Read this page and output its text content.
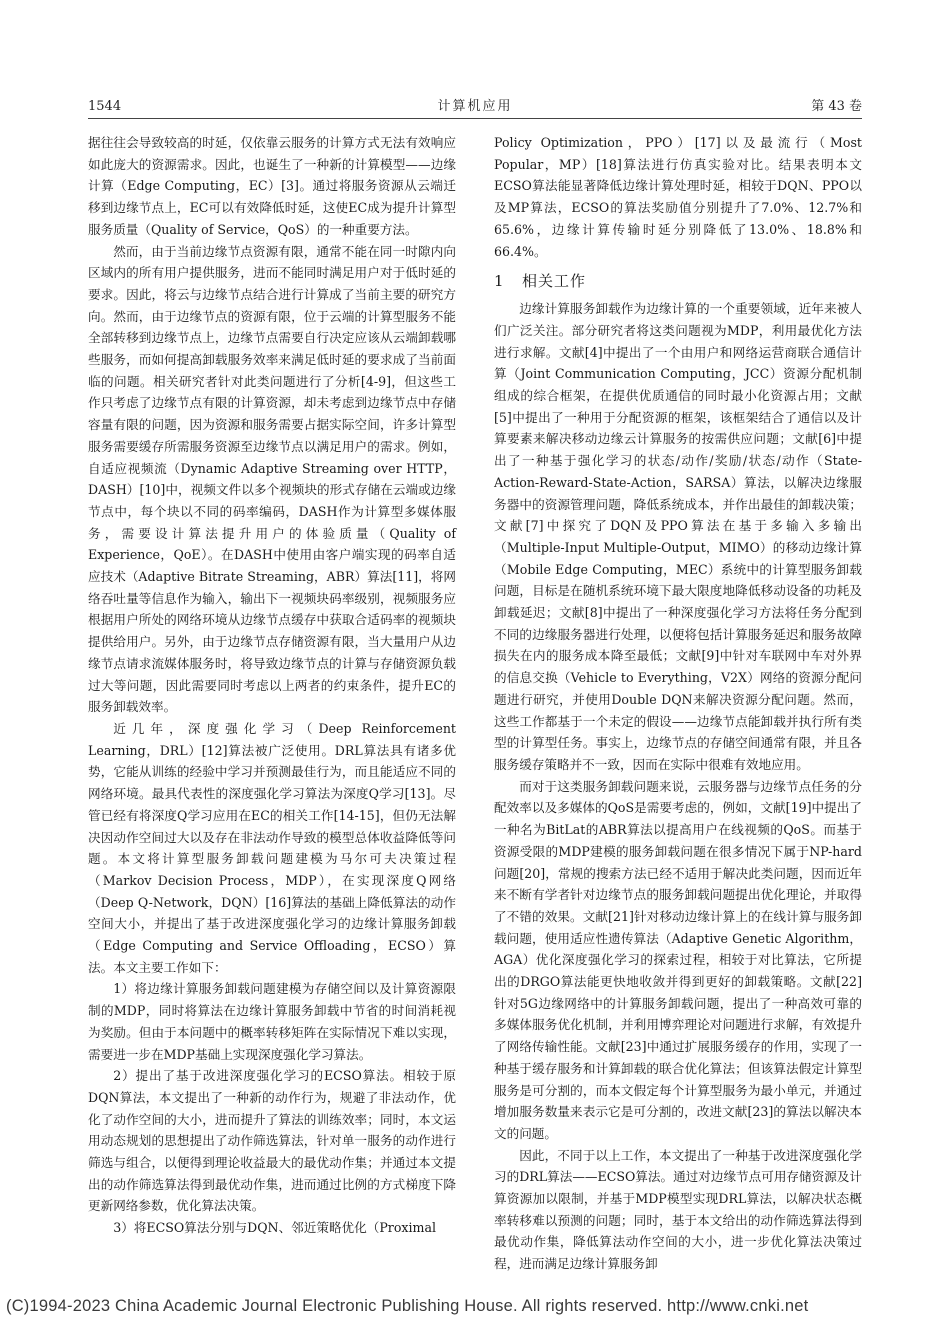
1544	计算机应用	第 43 卷

据往往会导致较高的时延，仅依靠云服务的计算方式无法有效响应如此庞大的资源需求。因此，也诞生了一种新的计算模型——边缘计算（Edge Computing，EC）[3]。通过将服务资源从云端迁移到边缘节点上，EC可以有效降低时延，这使EC成为提升计算型服务质量（Quality of Service，QoS）的一种重要方法。

然而，由于当前边缘节点资源有限，通常不能在同一时隙内向区域内的所有用户提供服务，进而不能同时满足用户对于低时延的要求。因此，将云与边缘节点结合进行计算成了当前主要的研究方向。然而，由于边缘节点的资源有限，位于云端的计算型服务不能全部转移到边缘节点上，边缘节点需要自行决定应该从云端卸载哪些服务，而如何提高卸载服务效率来满足低时延的要求成了当前面临的问题。相关研究者针对此类问题进行了分析[4-9]，但这些工作只考虑了边缘节点有限的计算资源，却未考虑到边缘节点中存储容量有限的问题，因为资源和服务需要占据实际空间，许多计算型服务需要缓存所需服务资源至边缘节点以满足用户的需求。例如，自适应视频流（Dynamic Adaptive Streaming over HTTP，DASH）[10]中，视频文件以多个视频块的形式存储在云端或边缘节点中，每个块以不同的码率编码，DASH作为计算型多媒体服务，需要设计算法提升用户的体验质量（Quality of Experience，QoE）。在DASH中使用由客户端实现的码率自适应技术（Adaptive Bitrate Streaming，ABR）算法[11]，将网络吞吐量等信息作为输入，输出下一视频块码率级别，视频服务应根据用户所处的网络环境从边缘节点缓存中获取合适码率的视频块提供给用户。另外，由于边缘节点存储资源有限，当大量用户从边缘节点请求流媒体服务时，将导致边缘节点的计算与存储资源负载过大等问题，因此需要同时考虑以上两者的约束条件，提升EC的服务卸载效率。

近几年，深度强化学习（Deep Reinforcement Learning，DRL）[12]算法被广泛使用。DRL算法具有诸多优势，它能从训练的经验中学习并预测最佳行为，而且能适应不同的网络环境。最具代表性的深度强化学习算法为深度Q学习[13]。尽管已经有将深度Q学习应用在EC的相关工作[14-15]，但仍无法解决因动作空间过大以及存在非法动作导致的模型总体收益降低等问题。本文将计算型服务卸载问题建模为马尔可夫决策过程（Markov Decision Process，MDP），在实现深度Q网络（Deep Q-Network，DQN）[16]算法的基础上降低算法的动作空间大小，并提出了基于改进深度强化学习的边缘计算服务卸载（Edge Computing and Service Offloading，ECSO）算法。本文主要工作如下：

1）将边缘计算服务卸载问题建模为存储空间以及计算资源限制的MDP，同时将算法在边缘计算服务卸载中节省的时间消耗视为奖励。但由于本问题中的概率转移矩阵在实际情况下难以实现，需要进一步在MDP基础上实现深度强化学习算法。

2）提出了基于改进深度强化学习的ECSO算法。相较于原DQN算法，本文提出了一种新的动作行为，规避了非法动作，优化了动作空间的大小，进而提升了算法的训练效率；同时，本文运用动态规划的思想提出了动作筛选算法，针对单一服务的动作进行筛选与组合，以便得到理论收益最大的最优动作集；并通过本文提出的动作筛选算法得到最优动作集，进而通过比例的方式梯度下降更新网络参数，优化算法决策。

3）将ECSO算法分别与DQN、邻近策略优化（Proximal

Policy Optimization，PPO）[17]以及最流行（Most Popular，MP）[18]算法进行仿真实验对比。结果表明本文ECSO算法能显著降低边缘计算处理时延，相较于DQN、PPO以及MP算法，ECSO的算法奖励值分别提升了7.0%、12.7%和65.6%，边缘计算传输时延分别降低了13.0%、18.8%和66.4%。

1 相关工作

边缘计算服务卸载作为边缘计算的一个重要领域，近年来被人们广泛关注。部分研究者将这类问题视为MDP，利用最优化方法进行求解。文献[4]中提出了一个由用户和网络运营商联合通信计算（Joint Communication Computing，JCC）资源分配机制组成的综合框架，在提供优质通信的同时最小化资源占用；文献[5]中提出了一种用于分配资源的框架，该框架结合了通信以及计算要素来解决移动边缘云计算服务的按需供应问题；文献[6]中提出了一种基于强化学习的状态/动作/奖励/状态/动作（State-Action-Reward-State-Action，SARSA）算法，以解决边缘服务器中的资源管理问题，降低系统成本，并作出最佳的卸载决策；文献[7]中探究了DQN及PPO算法在基于多输入多输出（Multiple-Input Multiple-Output，MIMO）的移动边缘计算（Mobile Edge Computing，MEC）系统中的计算型服务卸载问题，目标是在随机系统环境下最大限度地降低移动设备的功耗及卸载延迟；文献[8]中提出了一种深度强化学习方法将任务分配到不同的边缘服务器进行处理，以便将包括计算服务延迟和服务故障损失在内的服务成本降至最低；文献[9]中针对车联网中车对外界的信息交换（Vehicle to Everything，V2X）网络的资源分配问题进行研究，并使用Double DQN来解决资源分配问题。然而，这些工作都基于一个未定的假设——边缘节点能卸载并执行所有类型的计算型任务。事实上，边缘节点的存储空间通常有限，并且各服务缓存策略并不一致，因而在实际中很难有效地应用。

而对于这类服务卸载问题来说，云服务器与边缘节点任务的分配效率以及多媒体的QoS是需要考虑的，例如，文献[19]中提出了一种名为BitLat的ABR算法以提高用户在线视频的QoS。而基于资源受限的MDP建模的服务卸载问题在很多情况下属于NP-hard问题[20]，常规的搜索方法已经不适用于解决此类问题，因而近年来不断有学者针对边缘节点的服务卸载问题提出优化理论，并取得了不错的效果。文献[21]针对移动边缘计算上的在线计算与服务卸载问题，使用适应性遗传算法（Adaptive Genetic Algorithm，AGA）优化深度强化学习的探索过程，相较于对比算法，它所提出的DRGO算法能更快地收敛并得到更好的卸载策略。文献[22]针对5G边缘网络中的计算服务卸载问题，提出了一种高效可靠的多媒体服务优化机制，并利用博弈理论对问题进行求解，有效提升了网络传输性能。文献[23]中通过扩展服务缓存的作用，实现了一种基于缓存服务和计算卸载的联合优化算法；但该算法假定计算型服务是可分割的，而本文假定每个计算型服务为最小单元，并通过增加服务数量来表示它是可分割的，改进文献[23]的算法以解决本文的问题。

因此，不同于以上工作，本文提出了一种基于改进深度强化学习的DRL算法——ECSO算法。通过对边缘节点可用存储资源及计算资源加以限制，并基于MDP模型实现DRL算法，以解决状态概率转移难以预测的问题；同时，基于本文给出的动作筛选算法得到最优动作集，降低算法动作空间的大小，进一步优化算法决策过程，进而满足边缘计算服务卸

(C)1994-2023 China Academic Journal Electronic Publishing House. All rights reserved. http://www.cnki.net
